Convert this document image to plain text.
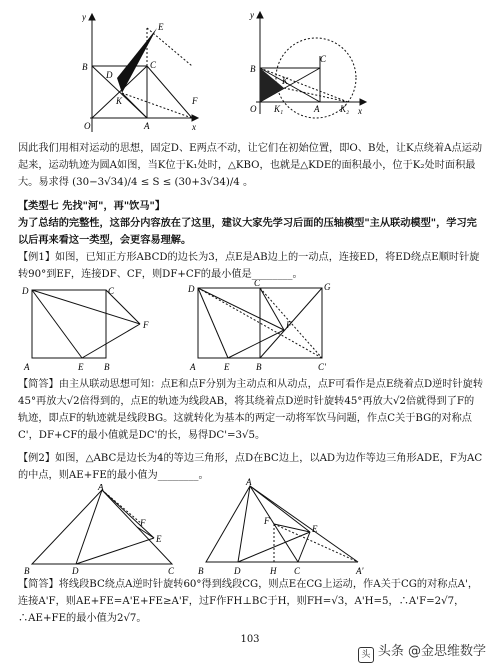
y
D
E
B	C
K	F
O	A	x
y
B
C
K
O K₁	A K₂ x

因此我们用相对运动的思想，固定D、E两点不动，让它们在初始位置，即O、B处，让K点绕着A点运动起来，运动轨迹为圆A如图，当K位于K₁处时，△KBO，也就是△KDE的面积最小，位于K₂处时面积最大。易求得 (30−3√34)/4 ≤ S ≤ (30+3√34)/4 。

【类型七 先找"河"，再"饮马"】

为了总结的完整性，这部分内容放在了这里，建议大家先学习后面的压轴模型"主从联动模型"，学习完以后再来看这一类型，会更容易理解。

【例1】如图，已知正方形ABCD的边长为3，点E是AB边上的一动点，连接ED，将ED绕点E顺时针旋转90°到EF，连接DF、CF，则DF+CF的最小值是________。

D	C
F
A	E B
D
C	G
F
A	E	B	C'

【简答】由主从联动思想可知：点E和点F分别为主动点和从动点，点F可看作是点E绕着点D逆时针旋转45°再放大√2倍得到的，点E的轨迹为线段AB，将其绕着点D逆时针旋转45°再放大√2倍就得到了F的轨迹，即点F的轨迹就是线段BG。这就转化为基本的两定一动将军饮马问题，作点C关于BG的对称点C'，DF+CF的最小值就是DC'的长，易得DC'=3√5。

【例2】如图，△ABC是边长为4的等边三角形，点D在BC边上，以AD为边作等边三角形ADE，F为AC的中点，则AE+FE的最小值为________。

A
F
E
B	D	C
A
F
E
B	D	H C	A'

【简答】将线段BC绕点A逆时针旋转60°得到线段CG，则点E在CG上运动，作A关于CG的对称点A'，连接A'F，则AE+FE=A'E+FE≥A'F，过F作FH⊥BC于H，则FH=√3，A'H=5，∴A'F=2√7，∴AE+FE的最小值为2√7。

103
头 头条 @金思维数学
